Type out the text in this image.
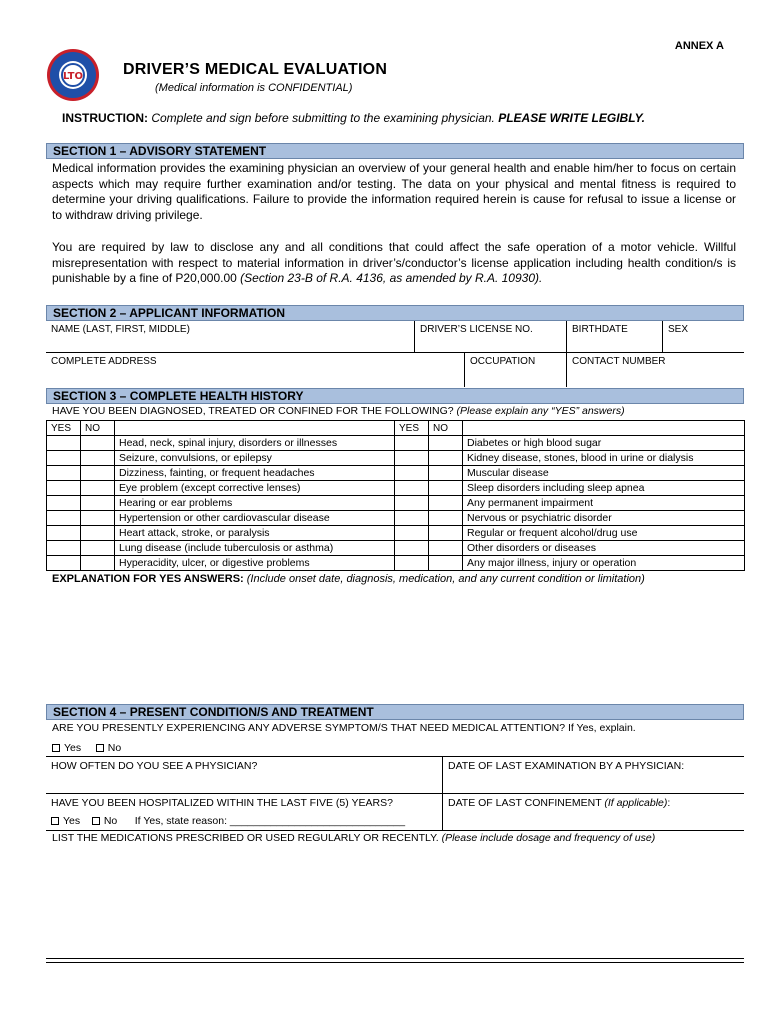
ANNEX A
LTO DRIVER’S MEDICAL EVALUATION
(Medical information is CONFIDENTIAL)
INSTRUCTION: Complete and sign before submitting to the examining physician. PLEASE WRITE LEGIBLY.
SECTION 1 – ADVISORY STATEMENT
Medical information provides the examining physician an overview of your general health and enable him/her to focus on certain aspects which may require further examination and/or testing. The data on your physical and mental fitness is required to determine your driving qualifications. Failure to provide the information required herein is cause for refusal to issue a license or to withdraw driving privilege.
You are required by law to disclose any and all conditions that could affect the safe operation of a motor vehicle. Willful misrepresentation with respect to material information in driver’s/conductor’s license application including health condition/s is punishable by a fine of P20,000.00 (Section 23-B of R.A. 4136, as amended by R.A. 10930).
SECTION 2 – APPLICANT INFORMATION
NAME (LAST, FIRST, MIDDLE)	DRIVER’S LICENSE NO.	BIRTHDATE	SEX
COMPLETE ADDRESS	OCCUPATION	CONTACT NUMBER
SECTION 3 – COMPLETE HEALTH HISTORY
HAVE YOU BEEN DIAGNOSED, TREATED OR CONFINED FOR THE FOLLOWING? (Please explain any “YES” answers)
YES	NO		YES	NO	
		Head, neck, spinal injury, disorders or illnesses			Diabetes or high blood sugar
		Seizure, convulsions, or epilepsy			Kidney disease, stones, blood in urine or dialysis
		Dizziness, fainting, or frequent headaches			Muscular disease
		Eye problem (except corrective lenses)			Sleep disorders including sleep apnea
		Hearing or ear problems			Any permanent impairment
		Hypertension or other cardiovascular disease			Nervous or psychiatric disorder
		Heart attack, stroke, or paralysis			Regular or frequent alcohol/drug use
		Lung disease (include tuberculosis or asthma)			Other disorders or diseases
		Hyperacidity, ulcer, or digestive problems			Any major illness, injury or operation
EXPLANATION FOR YES ANSWERS: (Include onset date, diagnosis, medication, and any current condition or limitation)
SECTION 4 – PRESENT CONDITION/S AND TREATMENT
ARE YOU PRESENTLY EXPERIENCING ANY ADVERSE SYMPTOM/S THAT NEED MEDICAL ATTENTION? If Yes, explain.
Yes	No
HOW OFTEN DO YOU SEE A PHYSICIAN?	DATE OF LAST EXAMINATION BY A PHYSICIAN:
HAVE YOU BEEN HOSPITALIZED WITHIN THE LAST FIVE (5) YEARS?
Yes No If Yes, state reason: ______________________________
DATE OF LAST CONFINEMENT (If applicable):
LIST THE MEDICATIONS PRESCRIBED OR USED REGULARLY OR RECENTLY. (Please include dosage and frequency of use)
